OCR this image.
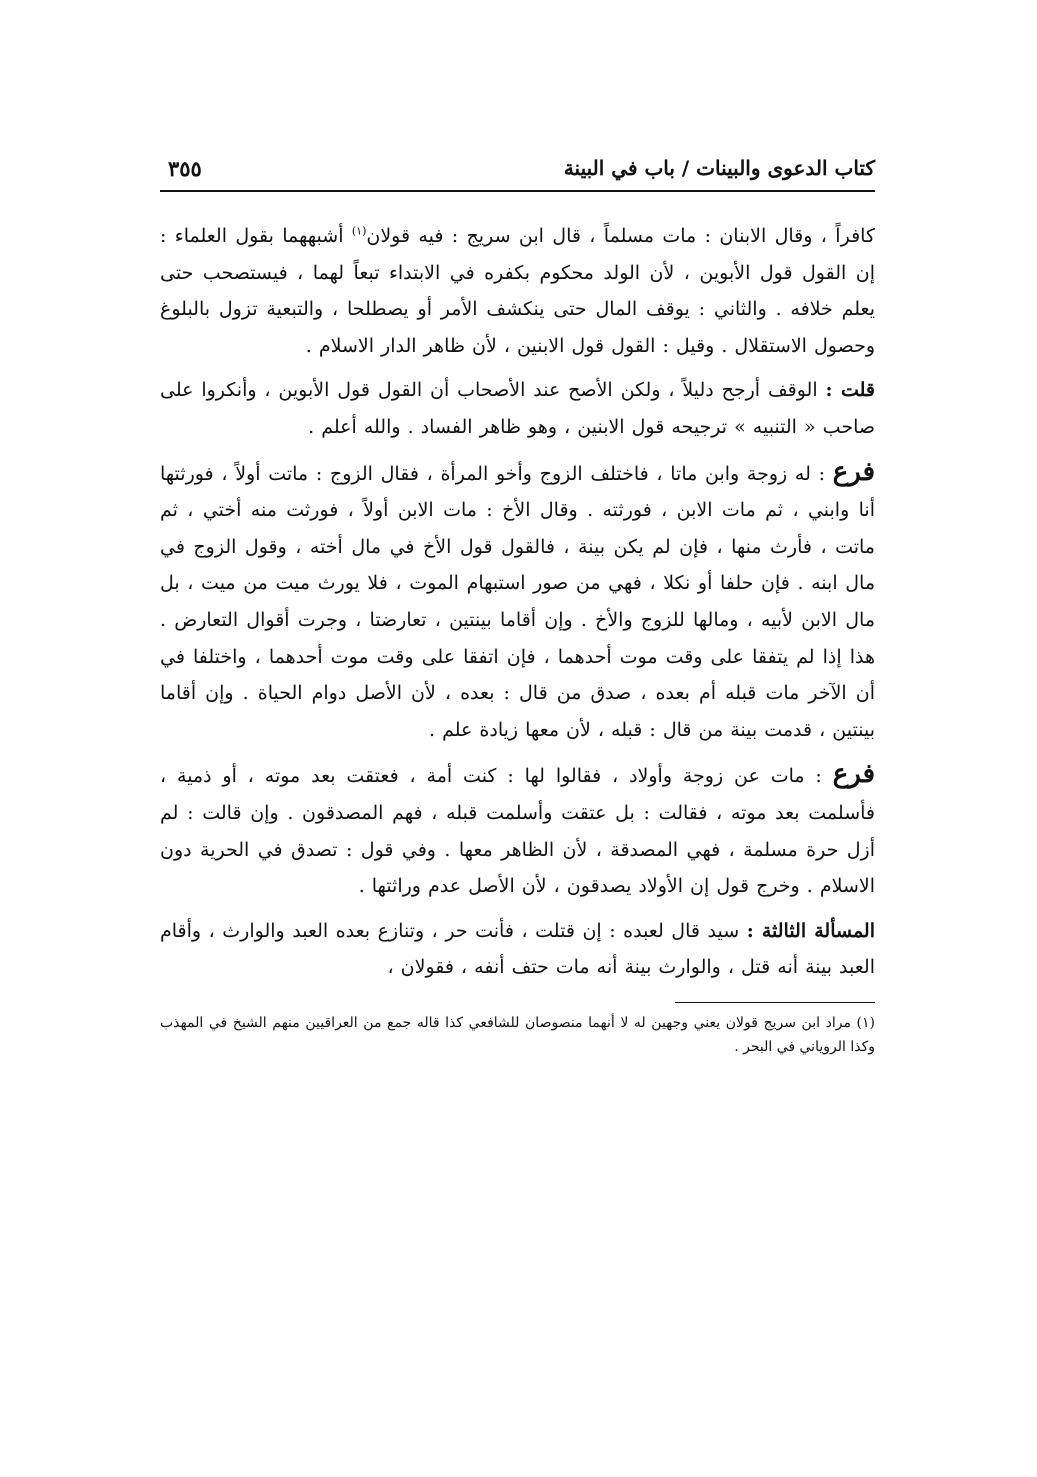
كتاب الدعوى والبينات / باب في البينة
٣٥٥

كافراً ، وقال الابنان : مات مسلماً ، قال ابن سريج : فيه قولان$^{(١)}$ أشبههما بقول العلماء : إن القول قول الأبوين ، لأن الولد محكوم بكفره في الابتداء تبعاً لهما ، فيستصحب حتى يعلم خلافه . والثاني : يوقف المال حتى ينكشف الأمر أو يصطلحا ، والتبعية تزول بالبلوغ وحصول الاستقلال . وقيل : القول قول الابنين ، لأن ظاهر الدار الاسلام .

قلت : الوقف أرجح دليلاً ، ولكن الأصح عند الأصحاب أن القول قول الأبوين ، وأنكروا على صاحب « التنبيه » ترجيحه قول الابنين ، وهو ظاهر الفساد . والله أعلم .

فرع : له زوجة وابن ماتا ، فاختلف الزوج وأخو المرأة ، فقال الزوج : ماتت أولاً ، فورثتها أنا وابني ، ثم مات الابن ، فورثته . وقال الأخ : مات الابن أولاً ، فورثت منه أختي ، ثم ماتت ، فأرث منها ، فإن لم يكن بينة ، فالقول قول الأخ في مال أخته ، وقول الزوج في مال ابنه . فإن حلفا أو نكلا ، فهي من صور استبهام الموت ، فلا يورث ميت من ميت ، بل مال الابن لأبيه ، ومالها للزوج والأخ . وإن أقاما بينتين ، تعارضتا ، وجرت أقوال التعارض . هذا إذا لم يتفقا على وقت موت أحدهما ، فإن اتفقا على وقت موت أحدهما ، واختلفا في أن الآخر مات قبله أم بعده ، صدق من قال : بعده ، لأن الأصل دوام الحياة . وإن أقاما بينتين ، قدمت بينة من قال : قبله ، لأن معها زيادة علم .

فرع : مات عن زوجة وأولاد ، فقالوا لها : كنت أمة ، فعتقت بعد موته ، أو ذمية ، فأسلمت بعد موته ، فقالت : بل عتقت وأسلمت قبله ، فهم المصدقون . وإن قالت : لم أزل حرة مسلمة ، فهي المصدقة ، لأن الظاهر معها . وفي قول : تصدق في الحرية دون الاسلام . وخرج قول إن الأولاد يصدقون ، لأن الأصل عدم وراثتها .

المسألة الثالثة : سيد قال لعبده : إن قتلت ، فأنت حر ، وتنازع بعده العبد والوارث ، وأقام العبد بينة أنه قتل ، والوارث بينة أنه مات حتف أنفه ، فقولان ،

(١) مراد ابن سريج قولان يعني وجهين له لا أنهما منصوصان للشافعي كذا قاله جمع من العراقيين منهم الشيخ في المهذب وكذا الروياني في البحر .
